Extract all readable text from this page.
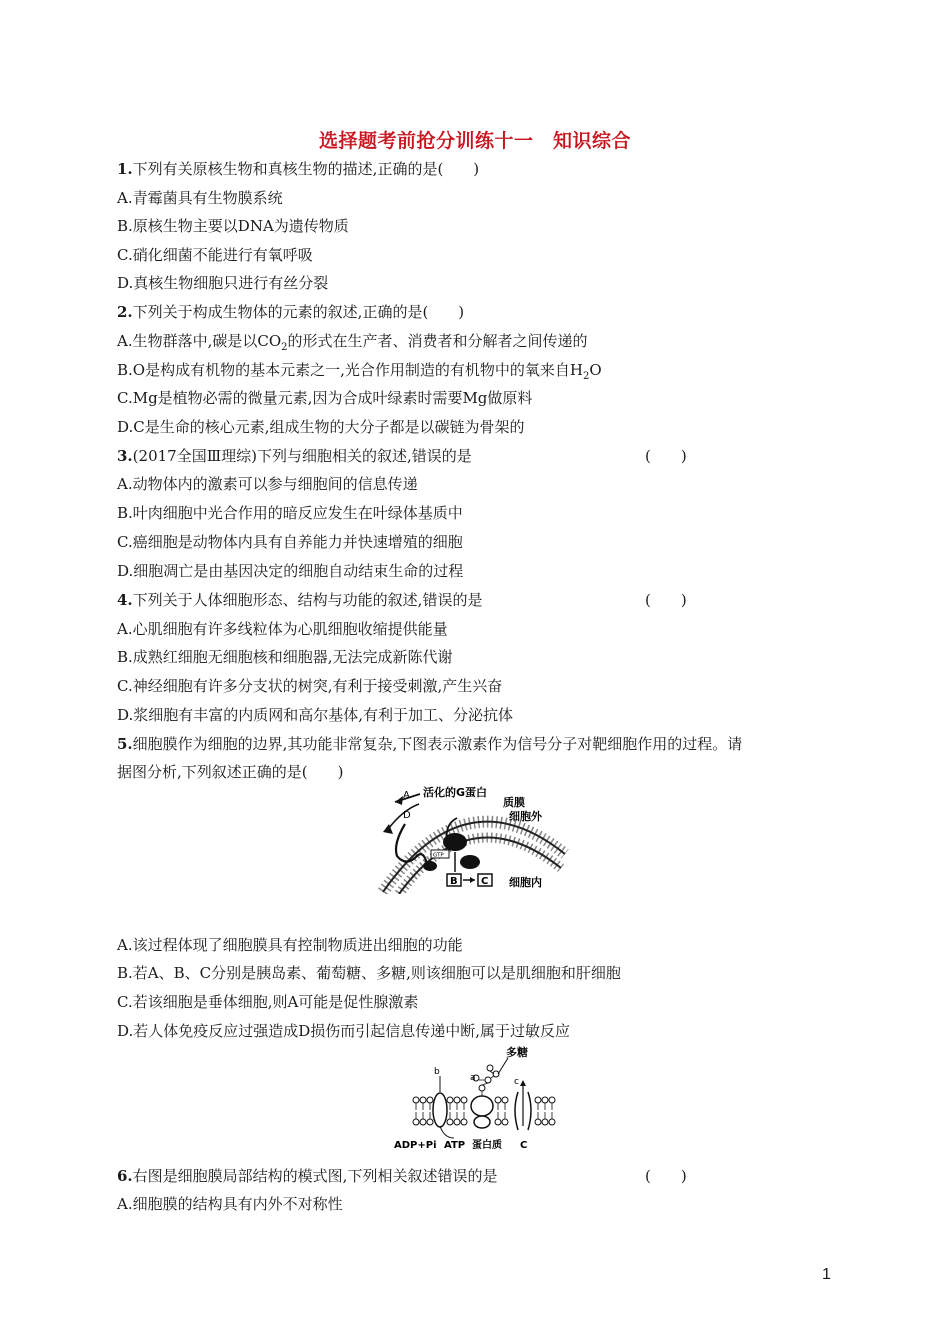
选择题考前抢分训练十一　知识综合
1.下列有关原核生物和真核生物的描述,正确的是(　　)
A.青霉菌具有生物膜系统
B.原核生物主要以DNA为遗传物质
C.硝化细菌不能进行有氧呼吸
D.真核生物细胞只进行有丝分裂
2.下列关于构成生物体的元素的叙述,正确的是(　　)
A.生物群落中,碳是以$CO_2$的形式在生产者、消费者和分解者之间传递的
B.O是构成有机物的基本元素之一,光合作用制造的有机物中的氧来自$H_2O$
C.Mg是植物必需的微量元素,因为合成叶绿素时需要Mg做原料
D.C是生命的核心元素,组成生物的大分子都是以碳链为骨架的
3.(2017全国Ⅲ理综)下列与细胞相关的叙述,错误的是	(　　)
A.动物体内的激素可以参与细胞间的信息传递
B.叶肉细胞中光合作用的暗反应发生在叶绿体基质中
C.癌细胞是动物体内具有自养能力并快速增殖的细胞
D.细胞凋亡是由基因决定的细胞自动结束生命的过程
4.下列关于人体细胞形态、结构与功能的叙述,错误的是	(　　)
A.心肌细胞有许多线粒体为心肌细胞收缩提供能量
B.成熟红细胞无细胞核和细胞器,无法完成新陈代谢
C.神经细胞有许多分支状的树突,有利于接受刺激,产生兴奋
D.浆细胞有丰富的内质网和高尔基体,有利于加工、分泌抗体
5.细胞膜作为细胞的边界,其功能非常复杂,下图表示激素作为信号分子对靶细胞作用的过程。请
据图分析,下列叙述正确的是(　　)
GTP
A
D
活化的G蛋白
质膜
细胞外
细胞内
B C
A.该过程体现了细胞膜具有控制物质进出细胞的功能
B.若A、B、C分别是胰岛素、葡萄糖、多糖,则该细胞可以是肌细胞和肝细胞
C.若该细胞是垂体细胞,则A可能是促性腺激素
D.若人体免疫反应过强造成D损伤而引起信息传递中断,属于过敏反应
多糖
a
b
c
ADP+Pi ATP 蛋白质 C
6.右图是细胞膜局部结构的模式图,下列相关叙述错误的是	(　　)
A.细胞膜的结构具有内外不对称性
1
